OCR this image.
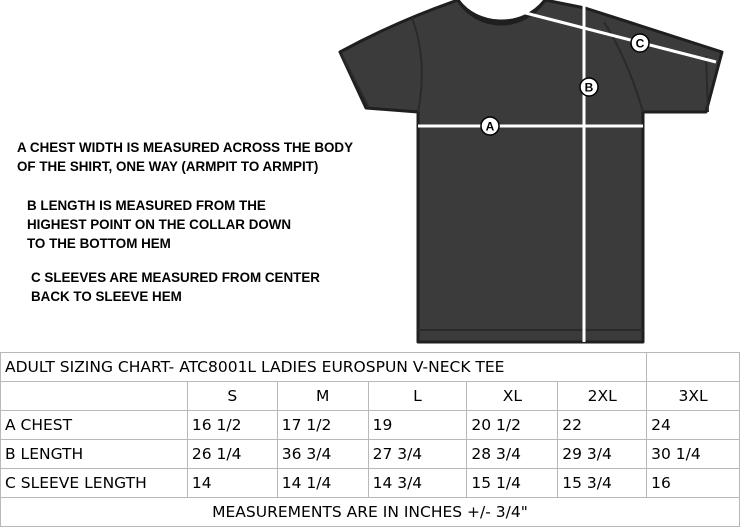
A
B
C
A CHEST WIDTH IS MEASURED ACROSS THE BODY
OF THE SHIRT, ONE WAY (ARMPIT TO ARMPIT)
B LENGTH IS MEASURED FROM THE
HIGHEST POINT ON THE COLLAR DOWN
TO THE BOTTOM HEM
C SLEEVES ARE MEASURED FROM CENTER
BACK TO SLEEVE HEM
ADULT SIZING CHART- ATC8001L LADIES EUROSPUN V-NECK TEE						
	S	M	L	XL	2XL	3XL
A CHEST	16 1/2	17 1/2	19	20 1/2	22	24
B LENGTH	26 1/4	36 3/4	27 3/4	28 3/4	29 3/4	30 1/4
C SLEEVE LENGTH	14	14 1/4	14 3/4	15 1/4	15 3/4	16
MEASUREMENTS ARE IN INCHES +/- 3/4"						
